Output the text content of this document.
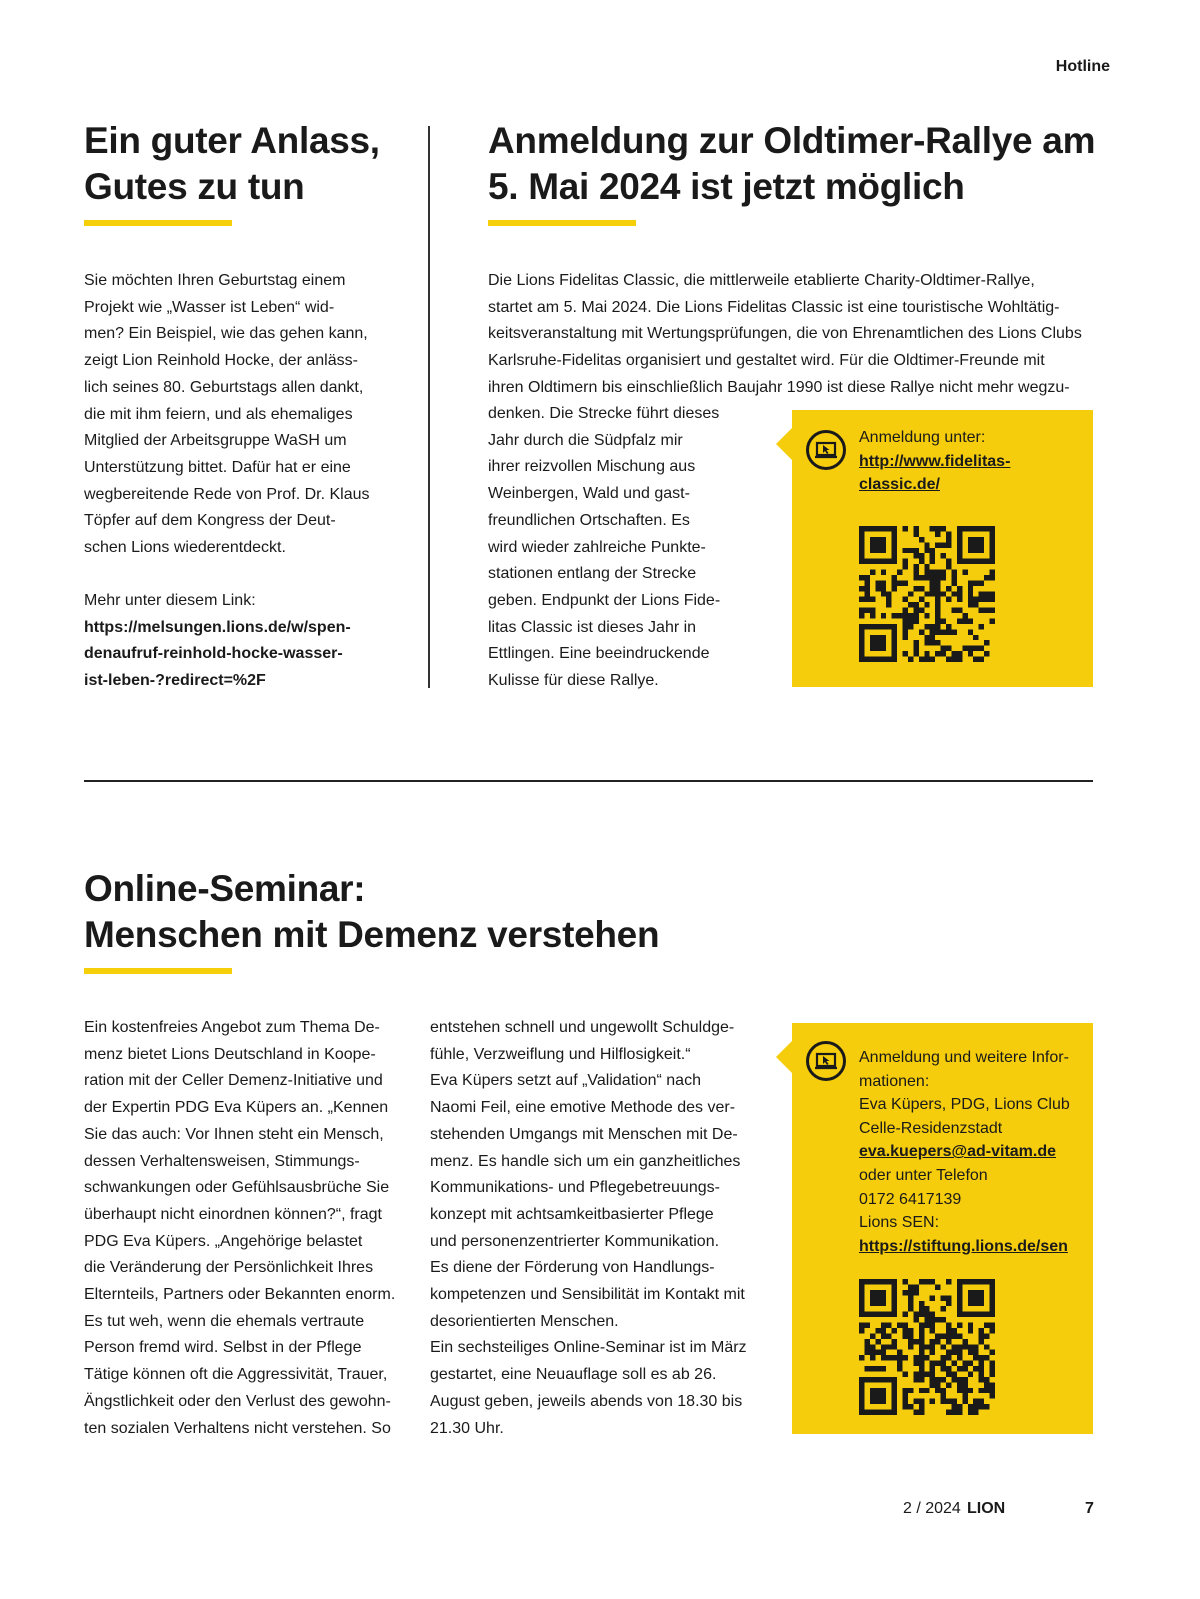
Hotline
Ein guter Anlass,
Gutes zu tun
Sie möchten Ihren Geburtstag einem
Projekt wie „Wasser ist Leben“ wid-
men? Ein Beispiel, wie das gehen kann,
zeigt Lion Reinhold Hocke, der anläss-
lich seines 80. Geburtstags allen dankt,
die mit ihm feiern, und als ehemaliges
Mitglied der Arbeitsgruppe WaSH um
Unterstützung bittet. Dafür hat er eine
wegbereitende Rede von Prof. Dr. Klaus
Töpfer auf dem Kongress der Deut-
schen Lions wiederentdeckt.
Mehr unter diesem Link:
https://melsungen.lions.de/w/spen-
denaufruf-reinhold-hocke-wasser-
ist-leben-?redirect=%2F
Anmeldung zur Oldtimer-Rallye am
5. Mai 2024 ist jetzt möglich
Die Lions Fidelitas Classic, die mittlerweile etablierte Charity-Oldtimer-Rallye,
startet am 5. Mai 2024. Die Lions Fidelitas Classic ist eine touristische Wohltätig-
keitsveranstaltung mit Wertungsprüfungen, die von Ehrenamtlichen des Lions Clubs
Karlsruhe-Fidelitas organisiert und gestaltet wird. Für die Oldtimer-Freunde mit
ihren Oldtimern bis einschließlich Baujahr 1990 ist diese Rallye nicht mehr wegzu-
denken. Die Strecke führt dieses
Jahr durch die Südpfalz mir
ihrer reizvollen Mischung aus
Weinbergen, Wald und gast-
freundlichen Ortschaften. Es
wird wieder zahlreiche Punkte-
stationen entlang der Strecke
geben. Endpunkt der Lions Fide-
litas Classic ist dieses Jahr in
Ettlingen. Eine beeindruckende
Kulisse für diese Rallye.
Anmeldung unter:
http://www.fidelitas-
classic.de/
Online-Seminar:
Menschen mit Demenz verstehen
Ein kostenfreies Angebot zum Thema De-
menz bietet Lions Deutschland in Koope-
ration mit der Celler Demenz-Initiative und
der Expertin PDG Eva Küpers an. „Kennen
Sie das auch: Vor Ihnen steht ein Mensch,
dessen Verhaltensweisen, Stimmungs-
schwankungen oder Gefühlsausbrüche Sie
überhaupt nicht einordnen können?“, fragt
PDG Eva Küpers. „Angehörige belastet
die Veränderung der Persönlichkeit Ihres
Elternteils, Partners oder Bekannten enorm.
Es tut weh, wenn die ehemals vertraute
Person fremd wird. Selbst in der Pflege
Tätige können oft die Aggressivität, Trauer,
Ängstlichkeit oder den Verlust des gewohn-
ten sozialen Verhaltens nicht verstehen. So
entstehen schnell und ungewollt Schuldge-
fühle, Verzweiflung und Hilflosigkeit.“
Eva Küpers setzt auf „Validation“ nach
Naomi Feil, eine emotive Methode des ver-
stehenden Umgangs mit Menschen mit De-
menz. Es handle sich um ein ganzheitliches
Kommunikations- und Pflegebetreuungs-
konzept mit achtsamkeitbasierter Pflege
und personenzentrierter Kommunikation.
Es diene der Förderung von Handlungs-
kompetenzen und Sensibilität im Kontakt mit
desorientierten Menschen.
Ein sechsteiliges Online-Seminar ist im März
gestartet, eine Neuauflage soll es ab 26.
August geben, jeweils abends von 18.30 bis
21.30 Uhr.
Anmeldung und weitere Infor-
mationen:
Eva Küpers, PDG, Lions Club
Celle-Residenzstadt
eva.kuepers@ad-vitam.de
oder unter Telefon
0172 6417139
Lions SEN:
https://stiftung.lions.de/sen
2 / 2024 LION	7
